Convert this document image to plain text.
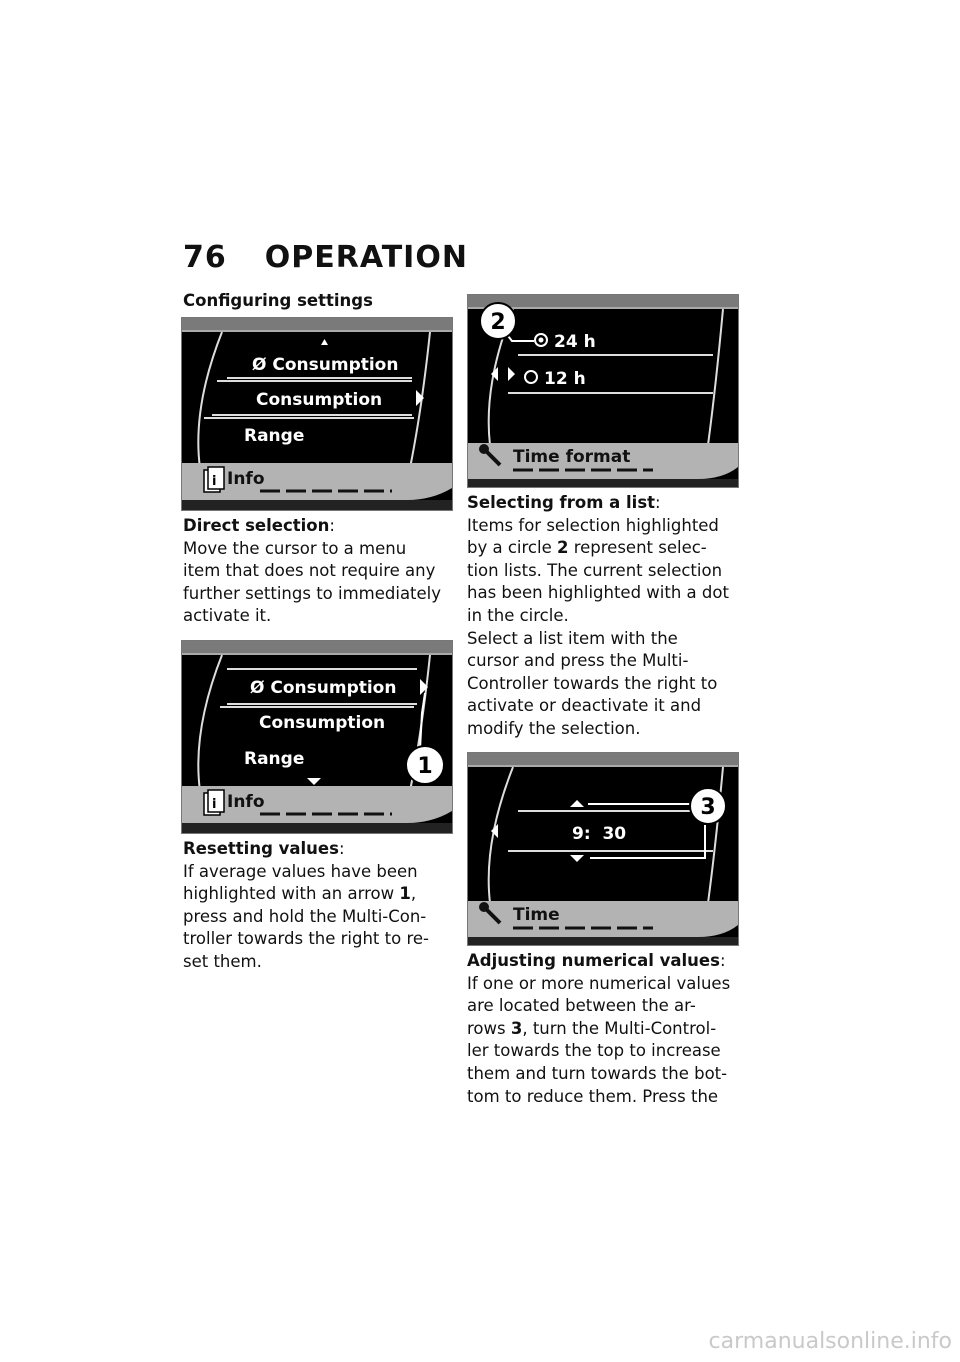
76 OPERATION
Configuring settings
Ø Consumption
Consumption
Range
i Info

Direct selection:

Move the cursor to a menu

item that does not require any

further settings to immediately

activate it.

Ø Consumption
Consumption
Range
i Info
1

Resetting values:

If average values have been

highlighted with an arrow 1,

press and hold the Multi-Con-

troller towards the right to re-

set them.

24 h
12 h
Time format
2

Selecting from a list:

Items for selection highlighted

by a circle 2 represent selec-

tion lists. The current selection

has been highlighted with a dot

in the circle.

Select a list item with the

cursor and press the Multi-

Controller towards the right to

activate or deactivate it and

modify the selection.

9:  30
3
Time

Adjusting numerical values:

If one or more numerical values

are located between the ar-

rows 3, turn the Multi-Control-

ler towards the top to increase

them and turn towards the bot-

tom to reduce them. Press the

carmanualsonline.info
